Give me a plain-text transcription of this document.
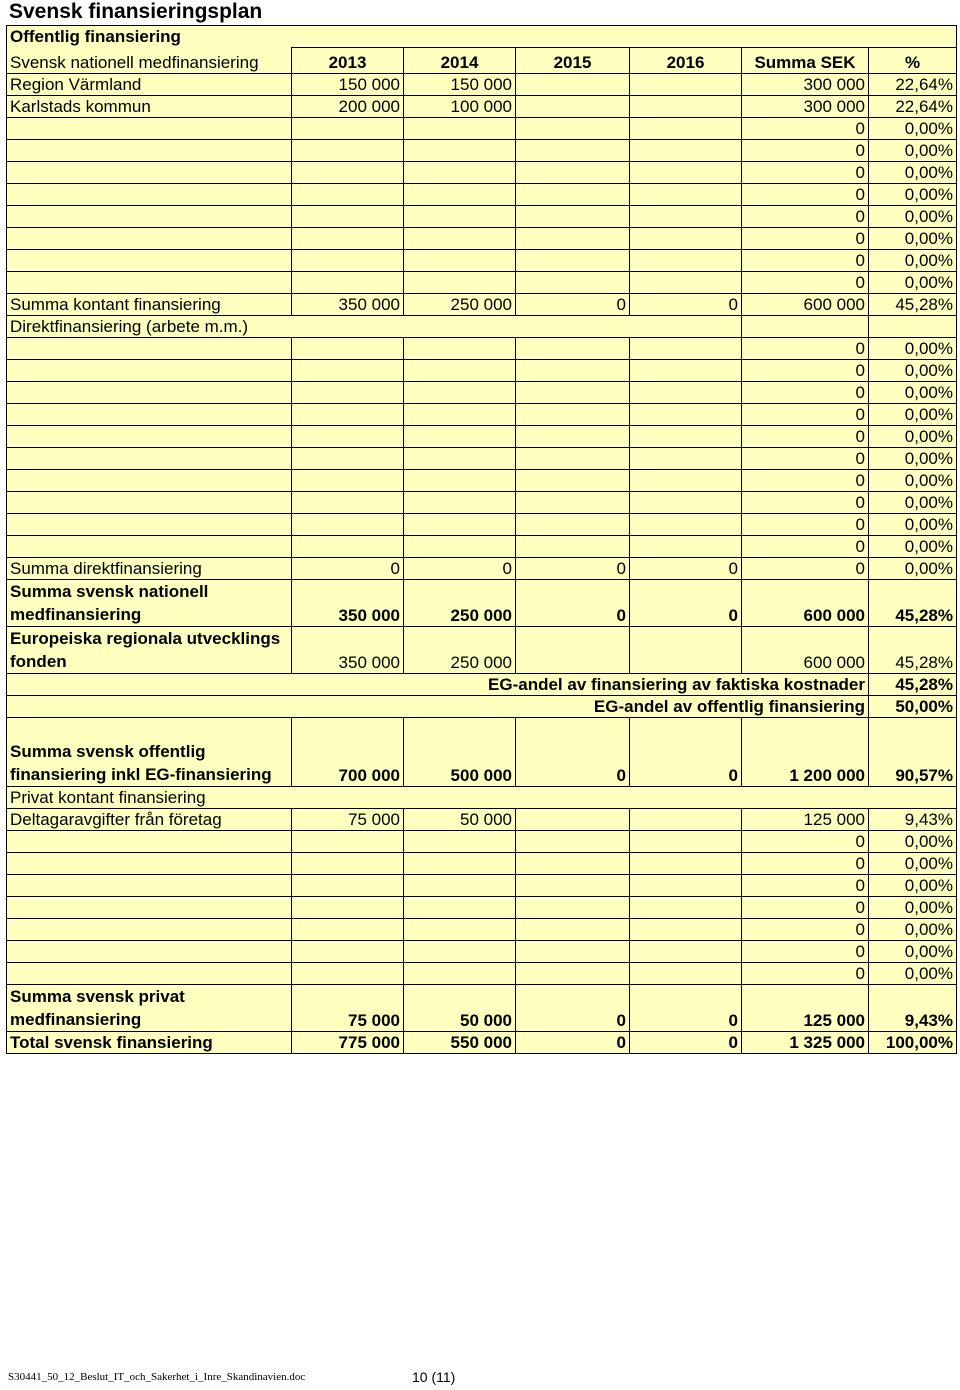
Svensk finansieringsplan
Offentlig finansiering						
Svensk nationell medfinansiering	2013	2014	2015	2016	Summa SEK	%
Region Värmland	150 000	150 000			300 000	22,64%
Karlstads kommun	200 000	100 000			300 000	22,64%
					0	0,00%
					0	0,00%
					0	0,00%
					0	0,00%
					0	0,00%
					0	0,00%
					0	0,00%
					0	0,00%
Summa kontant finansiering	350 000	250 000	0	0	600 000	45,28%
Direktfinansiering (arbete m.m.)						
					0	0,00%
					0	0,00%
					0	0,00%
					0	0,00%
					0	0,00%
					0	0,00%
					0	0,00%
					0	0,00%
					0	0,00%
					0	0,00%
Summa direktfinansiering	0	0	0	0	0	0,00%
Summa svensk nationell medfinansiering	350 000	250 000	0	0	600 000	45,28%
Europeiska regionala utvecklings fonden	350 000	250 000			600 000	45,28%
	EG-andel av finansiering av faktiska kostnader					45,28%
	EG-andel av offentlig finansiering					50,00%
Summa svensk offentlig finansiering inkl EG-finansiering	700 000	500 000	0	0	1 200 000	90,57%
Privat kontant finansiering						
Deltagaravgifter från företag	75 000	50 000			125 000	9,43%
					0	0,00%
					0	0,00%
					0	0,00%
					0	0,00%
					0	0,00%
					0	0,00%
					0	0,00%
Summa svensk privat medfinansiering	75 000	50 000	0	0	125 000	9,43%
Total svensk finansiering	775 000	550 000	0	0	1 325 000	100,00%
S30441_50_12_Beslut_IT_och_Sakerhet_i_Inre_Skandinavien.doc	10 (11)
